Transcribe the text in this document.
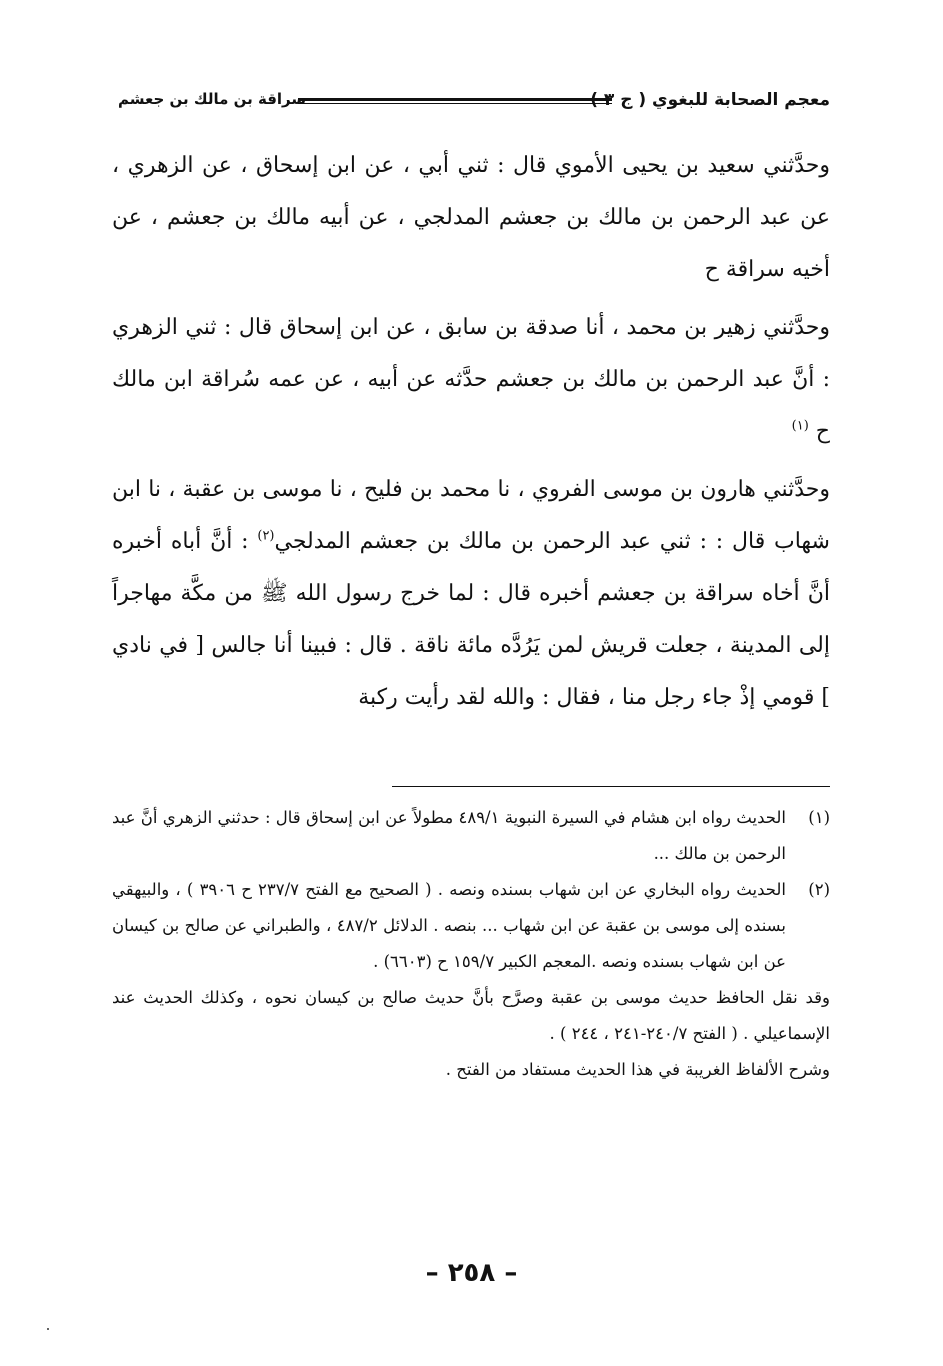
معجم الصحابة للبغوي ( ج ٣ )
سراقة بن مالك بن جعشم

وحدَّثني سعيد بن يحيى الأموي قال : ثني أبي ، عن ابن إسحاق ، عن الزهري ، عن عبد الرحمن بن مالك بن جعشم المدلجي ، عن أبيه مالك بن جعشم ، عن أخيه سراقة ح

وحدَّثني زهير بن محمد ، أنا صدقة بن سابق ، عن ابن إسحاق قال : ثني الزهري : أنَّ عبد الرحمن بن مالك بن جعشم حدَّثه عن أبيه ، عن عمه سُراقة ابن مالك ح $^{(١)}$

وحدَّثني هارون بن موسى الفروي ، نا محمد بن فليح ، نا موسى بن عقبة ، نا ابن شهاب قال : : ثني عبد الرحمن بن مالك بن جعشم المدلجي$^{(٢)}$ : أنَّ أباه أخبره أنَّ أخاه سراقة بن جعشم أخبره قال : لما خرج رسول الله ﷺ من مكَّة مهاجراً إلى المدينة ، جعلت قريش لمن يَرُدَّه مائة ناقة . قال : فبينا أنا جالس [ في نادي ] قومي إذْ جاء رجل منا ، فقال : والله لقد رأيت ركبة

(١)
الحديث رواه ابن هشام في السيرة النبوية ٤٨٩/١ مطولاً عن ابن إسحاق قال : حدثني الزهري أنَّ عبد الرحمن بن مالك ...
(٢)
الحديث رواه البخاري عن ابن شهاب بسنده ونصه . ( الصحيح مع الفتح ٢٣٧/٧ ح ٣٩٠٦ ) ، والبيهقي بسنده إلى موسى بن عقبة عن ابن شهاب ... بنصه . الدلائل ٤٨٧/٢ ، والطبراني عن صالح بن كيسان عن ابن شهاب بسنده ونصه .المعجم الكبير ١٥٩/٧ ح (٦٦٠٣) .
وقد نقل الحافظ حديث موسى بن عقبة وصرَّح بأنَّ حديث صالح بن كيسان نحوه ، وكذلك الحديث عند الإسماعيلي . ( الفتح ٢٤٠/٧-٢٤١ ، ٢٤٤ ) .
وشرح الألفاظ الغريبة في هذا الحديث مستفاد من الفتح .
– ٢٥٨ –
